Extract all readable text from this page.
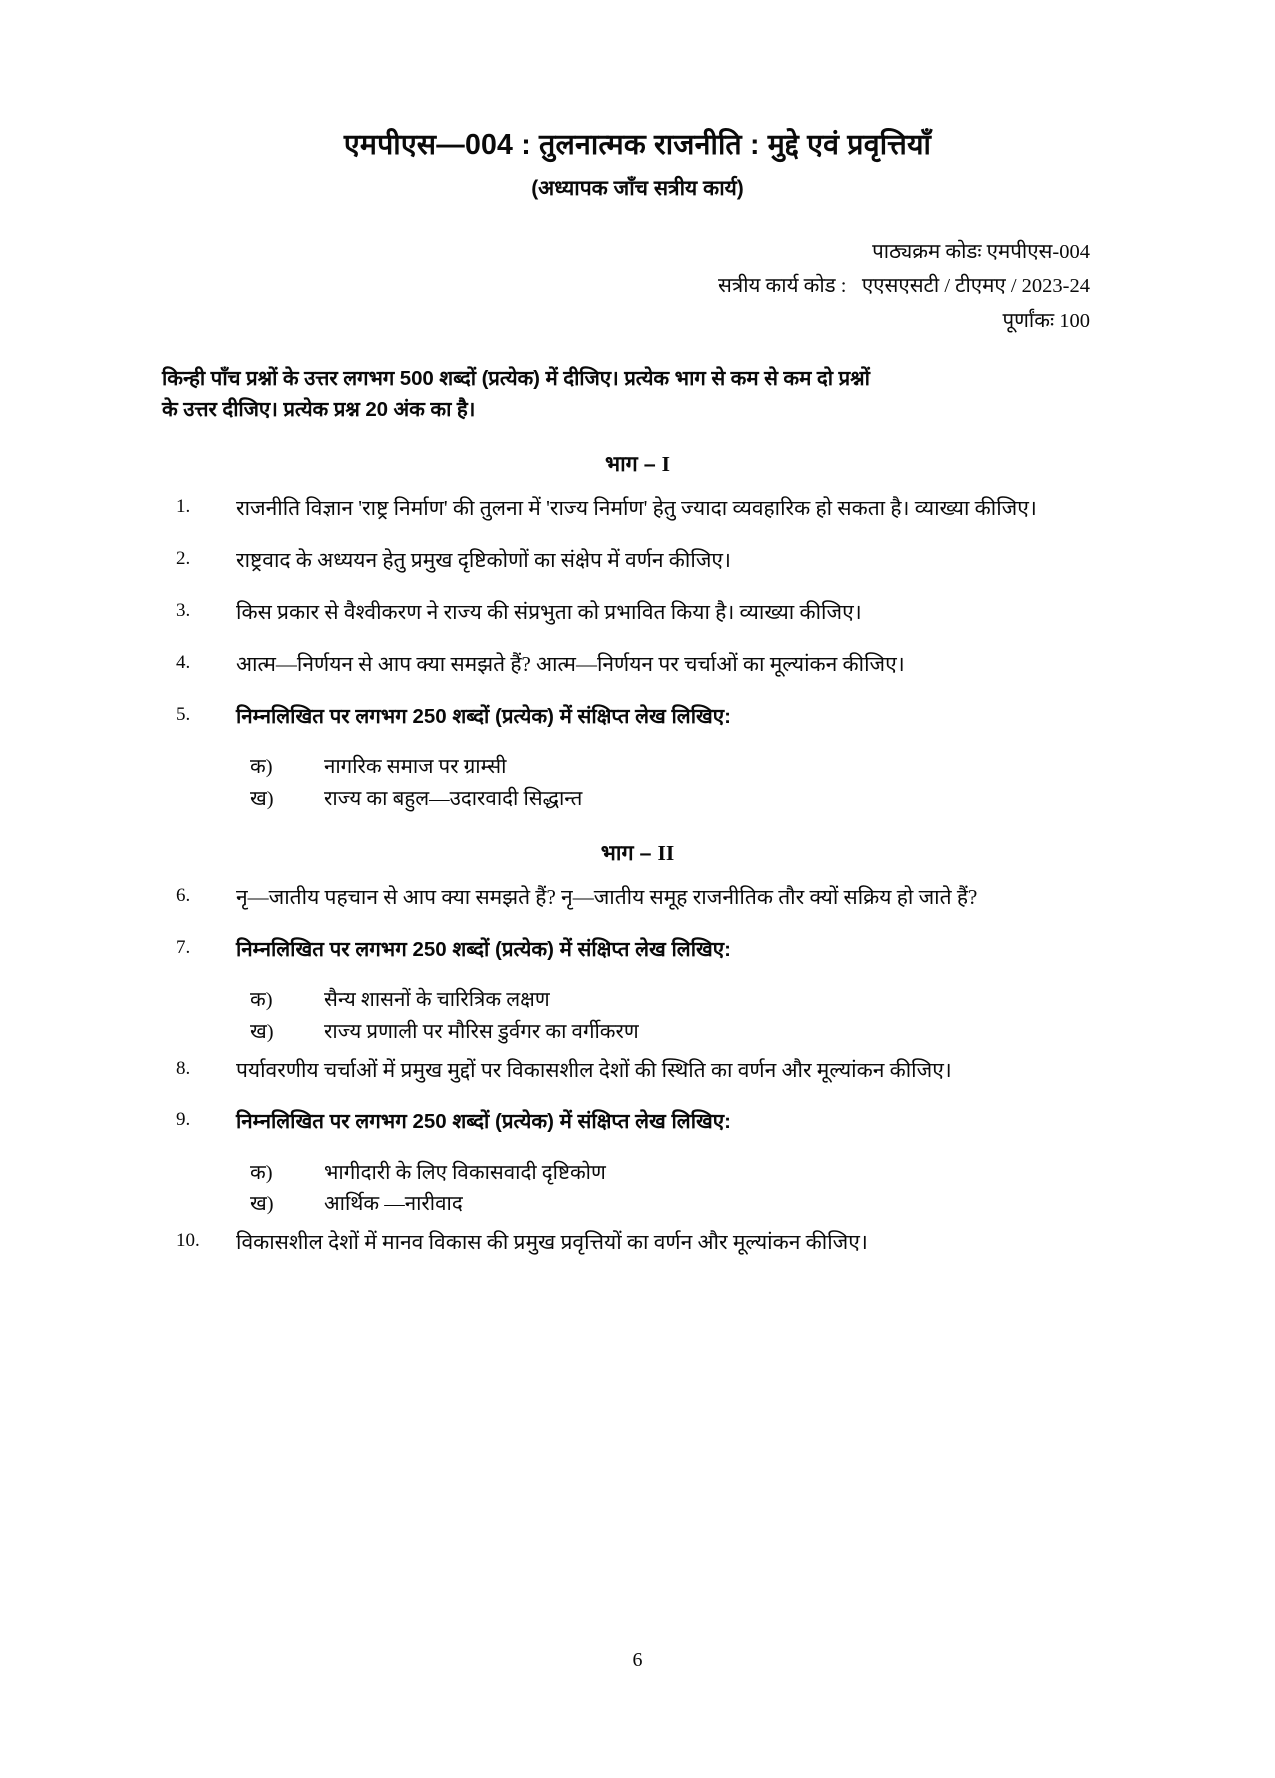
एमपीएस—004 : तुलनात्मक राजनीति : मुद्दे एवं प्रवृत्तियाँ
(अध्यापक जाँच सत्रीय कार्य)
पाठ्यक्रम कोडः एमपीएस-004
सत्रीय कार्य कोड :   एएसएसटी / टीएमए / 2023-24
पूर्णांकः 100
किन्ही पाँच प्रश्नों के उत्तर लगभग 500 शब्दों (प्रत्येक) में दीजिए। प्रत्येक भाग से कम से कम दो प्रश्नों
के उत्तर दीजिए। प्रत्येक प्रश्न 20 अंक का है।
भाग – I
1.	राजनीति विज्ञान 'राष्ट्र निर्माण' की तुलना में 'राज्य निर्माण' हेतु ज्यादा व्यवहारिक हो सकता है। व्याख्या कीजिए।
2.	राष्ट्रवाद के अध्ययन हेतु प्रमुख दृष्टिकोणों का संक्षेप में वर्णन कीजिए।
3.	किस प्रकार से वैश्वीकरण ने राज्य की संप्रभुता को प्रभावित किया है। व्याख्या कीजिए।
4.	आत्म—निर्णयन से आप क्या समझते हैं? आत्म—निर्णयन पर चर्चाओं का मूल्यांकन कीजिए।
5.	निम्नलिखित पर लगभग 250 शब्दों (प्रत्येक) में संक्षिप्त लेख लिखिए:
क)	नागरिक समाज पर ग्राम्सी
ख)	राज्य का बहुल—उदारवादी सिद्धान्त
भाग – II
6.	नृ—जातीय पहचान से आप क्या समझते हैं? नृ—जातीय समूह राजनीतिक तौर क्यों सक्रिय हो जाते हैं?
7.	निम्नलिखित पर लगभग 250 शब्दों (प्रत्येक) में संक्षिप्त लेख लिखिए:
क)	सैन्य शासनों के चारित्रिक लक्षण
ख)	राज्य प्रणाली पर मौरिस डुर्वगर का वर्गीकरण
8.	पर्यावरणीय चर्चाओं में प्रमुख मुद्दों पर विकासशील देशों की स्थिति का वर्णन और मूल्यांकन कीजिए।
9.	निम्नलिखित पर लगभग 250 शब्दों (प्रत्येक) में संक्षिप्त लेख लिखिए:
क)	भागीदारी के लिए विकासवादी दृष्टिकोण
ख)	आर्थिक —नारीवाद
10.	विकासशील देशों में मानव विकास की प्रमुख प्रवृत्तियों का वर्णन और मूल्यांकन कीजिए।
6
